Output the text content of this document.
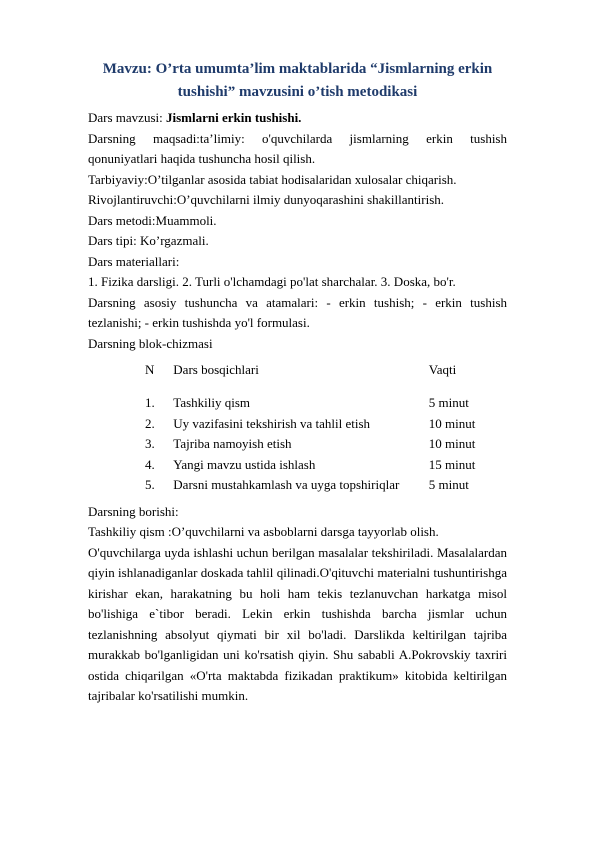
Mavzu: O’rta umumta’lim maktablarida “Jismlarning erkin
tushishi” mavzusini o’tish metodikasi
Dars mavzusi: Jismlarni erkin tushishi.
Darsning maqsadi:ta’limiy: o'quvchilarda jismlarning erkin tushish qonuniyatlari haqida tushuncha hosil qilish.
Tarbiyaviy:O’tilganlar asosida tabiat hodisalaridan xulosalar chiqarish.
Rivojlantiruvchi:O’quvchilarni ilmiy dunyoqarashini shakillantirish.
Dars metodi:Muammoli.
Dars tipi: Ko’rgazmali.
Dars materiallari:
1. Fizika darsligi. 2. Turli o'lchamdagi po'lat sharchalar. 3. Doska, bo'r.
Darsning asosiy tushuncha va atamalari: - erkin tushish; - erkin tushish tezlanishi; - erkin tushishda yo'l formulasi.
Darsning blok-chizmasi
N	Dars bosqichlari	Vaqti
1.	Tashkiliy qism	5 minut
2.	Uy vazifasini tekshirish va tahlil etish	10 minut
3.	Tajriba namoyish etish	10 minut
4.	Yangi mavzu ustida ishlash	15 minut
5.	Darsni mustahkamlash va uyga topshiriqlar	5 minut
Darsning borishi:
Tashkiliy qism :O’quvchilarni va asboblarni darsga tayyorlab olish.
O'quvchilarga uyda ishlashi uchun berilgan masalalar tekshiriladi. Masalalardan qiyin ishlanadiganlar doskada tahlil qilinadi.O'qituvchi materialni tushuntirishga kirishar ekan, harakatning bu holi ham tekis tezlanuvchan harkatga misol bo'lishiga e`tibor beradi. Lekin erkin tushishda barcha jismlar uchun tezlanishning absolyut qiymati bir xil bo'ladi. Darslikda keltirilgan tajriba murakkab bo'lganligidan uni ko'rsatish qiyin. Shu sababli A.Pokrovskiy taxriri ostida chiqarilgan «O'rta maktabda fizikadan praktikum» kitobida keltirilgan tajribalar ko'rsatilishi mumkin.
